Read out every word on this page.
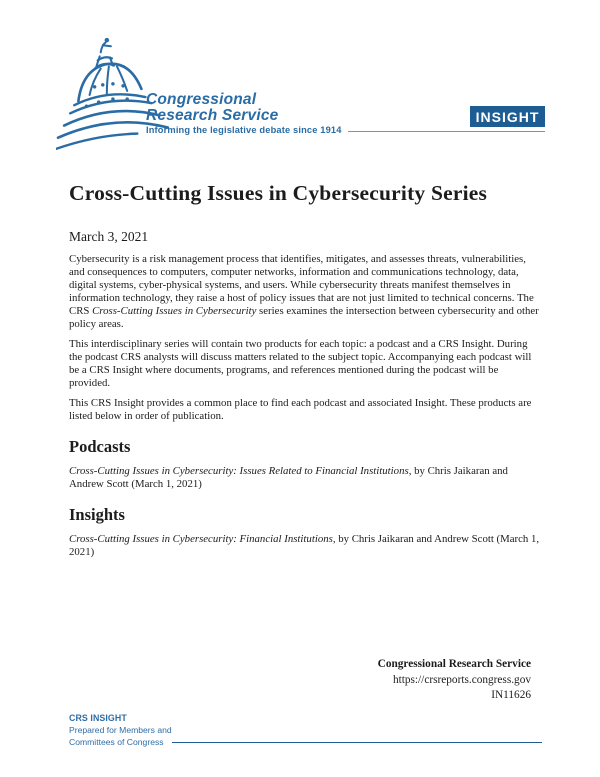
Congressional
Research Service
Informing the legislative debate since 1914
INSIGHT
Cross-Cutting Issues in Cybersecurity Series
March 3, 2021

Cybersecurity is a risk management process that identifies, mitigates, and assesses threats, vulnerabilities, and consequences to computers, computer networks, information and communications technology, data, digital systems, cyber-physical systems, and users. While cybersecurity threats manifest themselves in information technology, they raise a host of policy issues that are not just limited to technical concerns. The CRS Cross-Cutting Issues in Cybersecurity series examines the intersection between cybersecurity and other policy areas.

This interdisciplinary series will contain two products for each topic: a podcast and a CRS Insight. During the podcast CRS analysts will discuss matters related to the subject topic. Accompanying each podcast will be a CRS Insight where documents, programs, and references mentioned during the podcast will be provided.

This CRS Insight provides a common place to find each podcast and associated Insight. These products are listed below in order of publication.

Podcasts

Cross-Cutting Issues in Cybersecurity: Issues Related to Financial Institutions, by Chris Jaikaran and Andrew Scott (March 1, 2021)

Insights

Cross-Cutting Issues in Cybersecurity: Financial Institutions, by Chris Jaikaran and Andrew Scott (March 1, 2021)

Congressional Research Service
https://crsreports.congress.gov
IN11626
CRS INSIGHT
Prepared for Members and
Committees of Congress
